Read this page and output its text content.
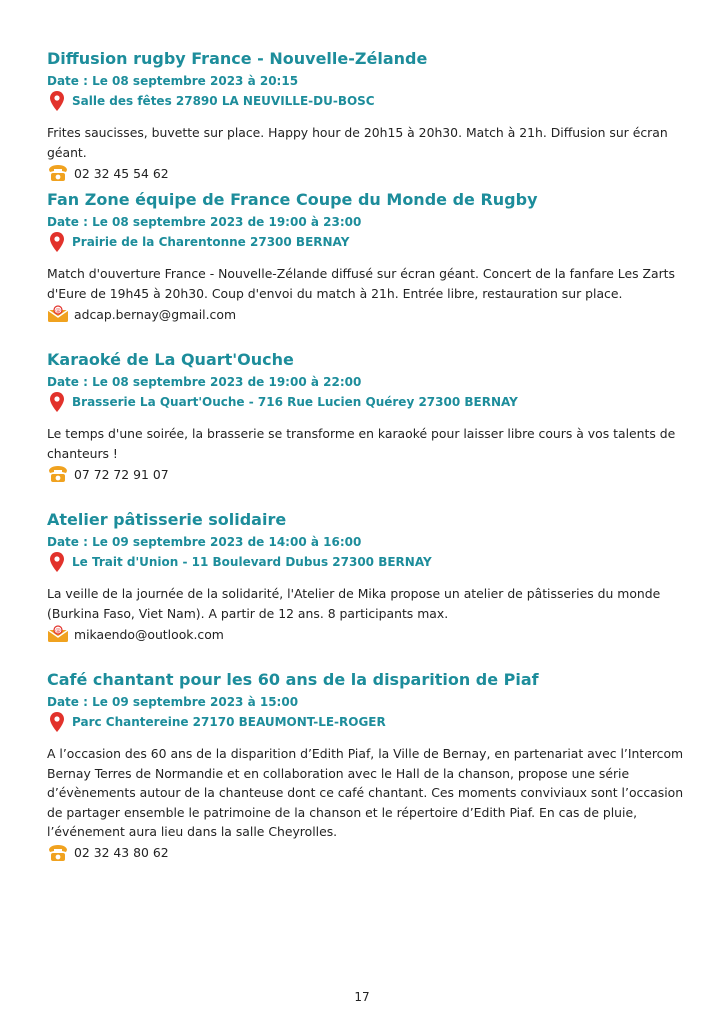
Diffusion rugby France - Nouvelle-Zélande
Date : Le 08 septembre 2023 à 20:15
Salle des fêtes 27890 LA NEUVILLE-DU-BOSC
Frites saucisses, buvette sur place. Happy hour de 20h15 à 20h30. Match à 21h. Diffusion sur écran géant.
02 32 45 54 62
Fan Zone équipe de France Coupe du Monde de Rugby
Date : Le 08 septembre 2023 de 19:00 à 23:00
Prairie de la Charentonne 27300 BERNAY
Match d'ouverture France - Nouvelle-Zélande diffusé sur écran géant. Concert de la fanfare Les Zarts d'Eure de 19h45 à 20h30. Coup d'envoi du match à 21h. Entrée libre, restauration sur place.
@ adcap.bernay@gmail.com
Karaoké de La Quart'Ouche
Date : Le 08 septembre 2023 de 19:00 à 22:00
Brasserie La Quart'Ouche - 716 Rue Lucien Quérey 27300 BERNAY
Le temps d'une soirée, la brasserie se transforme en karaoké pour laisser libre cours à vos talents de chanteurs !
07 72 72 91 07
Atelier pâtisserie solidaire
Date : Le 09 septembre 2023 de 14:00 à 16:00
Le Trait d'Union - 11 Boulevard Dubus 27300 BERNAY
La veille de la journée de la solidarité, l'Atelier de Mika propose un atelier de pâtisseries du monde (Burkina Faso, Viet Nam). A partir de 12 ans. 8 participants max.
@ mikaendo@outlook.com
Café chantant pour les 60 ans de la disparition de Piaf
Date : Le 09 septembre 2023 à 15:00
Parc Chantereine 27170 BEAUMONT-LE-ROGER
A l’occasion des 60 ans de la disparition d’Edith Piaf, la Ville de Bernay, en partenariat avec l’Intercom Bernay Terres de Normandie et en collaboration avec le Hall de la chanson, propose une série d’évènements autour de la chanteuse dont ce café chantant. Ces moments conviviaux sont l’occasion de partager ensemble le patrimoine de la chanson et le répertoire d’Edith Piaf. En cas de pluie, l’événement aura lieu dans la salle Cheyrolles.
02 32 43 80 62
17
